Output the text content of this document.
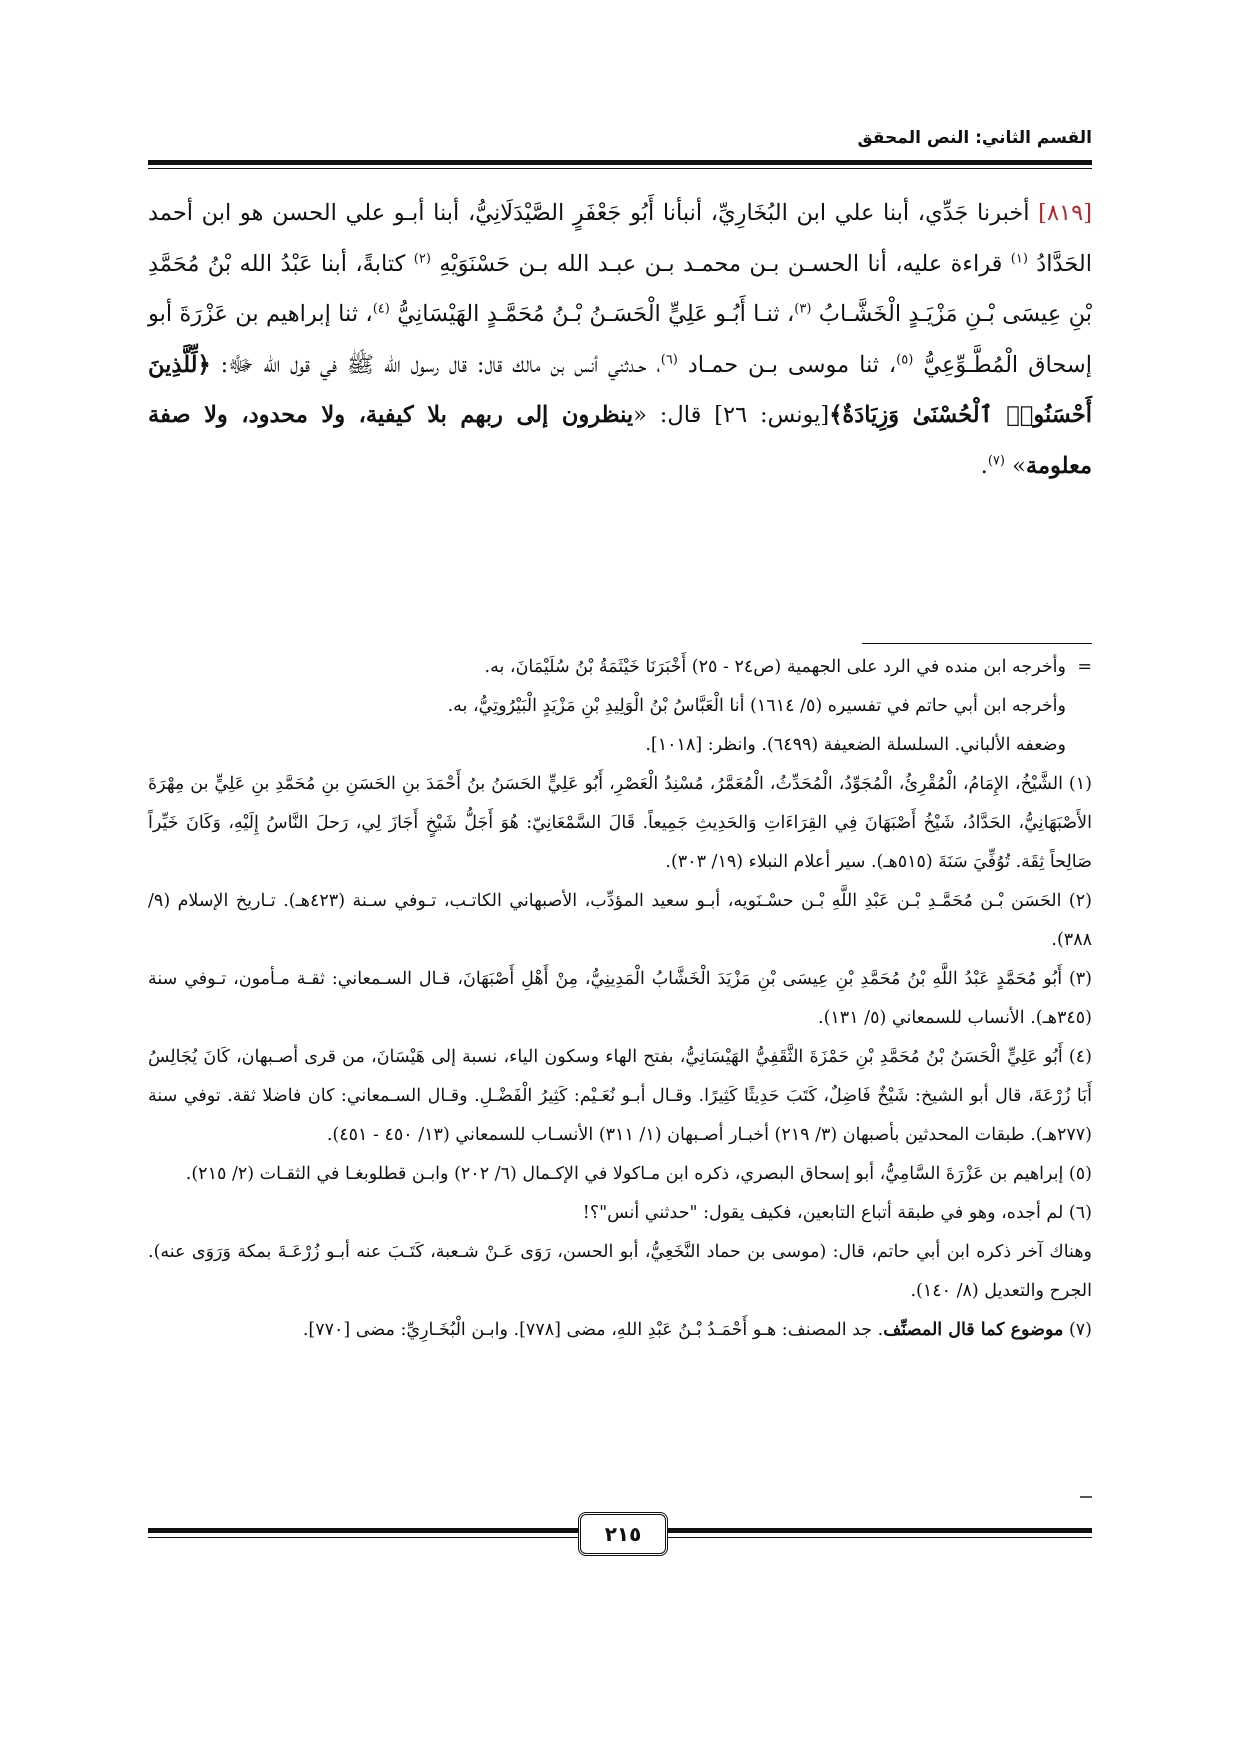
القسم الثاني: النص المحقق
[٨١٩] أخبرنا جَدِّي، أبنا علي ابن البُخَارِيِّ، أنبأنا أَبُو جَعْفَرٍ الصَّيْدَلَانِيُّ، أبنا أبـو علي الحسن هو ابن أحمد الحَدَّادُ $^{(١)}$ قراءة عليه، أنا الحسـن بـن محمـد بـن عبـد الله بـن حَسْنَوَيْهِ $^{(٢)}$ كتابةً، أبنا عَبْدُ الله بْنُ مُحَمَّدِ بْنِ عِيسَى بْـنِ مَزْيَـدٍ الْخَشَّـابُ $^{(٣)}$، ثنـا أَبُـو عَلِيٍّ الْحَسَـنُ بْـنُ مُحَمَّـدٍ الهَيْسَانِيُّ $^{(٤)}$، ثنا إبراهيم بن عَزْرَةَ أبو إسحاق الْمُطَّـوِّعِيُّ $^{(٥)}$، ثنا موسى بـن حمـاد $^{(٦)}$، حـدثني أنس بن مالك قال: قال رسول الله ﷺ في قول الله ﷻ: ﴿لِّلَّذِينَ أَحْسَنُوا۟ ٱلْحُسْنَىٰ وَزِيَادَةٌ﴾[يونس: ٢٦] قال: «ينظرون إلى ربهم بلا كيفية، ولا محدود، ولا صفة معلومة» $^{(٧)}$.

=وأخرجه ابن منده في الرد على الجهمية (ص٢٤ - ٢٥) أَخْبَرَنَا خَيْثَمَةُ بْنُ سُلَيْمَانَ، به.

وأخرجه ابن أبي حاتم في تفسيره (٥/ ١٦١٤) أنا الْعَبَّاسُ بْنُ الْوَلِيدِ بْنِ مَزْيَدٍ الْبَيْرُوتِيُّ، به.

وضعفه الألباني. السلسلة الضعيفة (٦٤٩٩). وانظر: [١٠١٨].

(١) الشَّيْخُ، الإِمَامُ، الْمُقْرِئُ، الْمُجَوِّدُ، الْمُحَدِّثُ، الْمُعَمَّرُ، مُسْنِدُ الْعَصْرِ، أَبُو عَلِيٍّ الحَسَنُ بنُ أَحْمَدَ بنِ الحَسَنِ بنِ مُحَمَّدِ بنِ عَلِيٍّ بن مِهْرَةَ الأَصْبَهَانِيُّ، الحَدَّادُ، شَيْخُ أَصْبَهَانَ فِي القِرَاءَاتِ وَالحَدِيثِ جَمِيعاً. قَالَ السَّمْعَانِيّ: هُوَ أَجَلُّ شَيْخٍ أَجَازَ لِي، رَحلَ النَّاسُ إِلَيْهِ، وَكَانَ خَيِّراً صَالِحاً ثِقَة. تُوُفِّيَ سَنَةَ (٥١٥هـ). سير أعلام النبلاء (١٩/ ٣٠٣).

(٢) الحَسَن بْـن مُحَمَّـدِ بْـن عَبْدِ اللَّهِ بْـن حسْـنَويه، أبـو سعيد المؤدِّب، الأصبهاني الكاتـب، تـوفي سـنة (٤٢٣هـ). تـاريخ الإسلام (٩/ ٣٨٨).

(٣) أَبُو مُحَمَّدٍ عَبْدُ اللَّهِ بْنُ مُحَمَّدِ بْنِ عِيسَى بْنِ مَزْيَدَ الْخَشَّابُ الْمَدِينِيُّ، مِنْ أَهْلِ أَصْبَهَانَ، قـال السـمعاني: ثقـة مـأمون، تـوفي سنة (٣٤٥هـ). الأنساب للسمعاني (٥/ ١٣١).

(٤) أَبُو عَلِيٍّ الْحَسَنُ بْنُ مُحَمَّدِ بْنِ حَمْزَةَ الثَّقَفِيُّ الهَيْسَانِيُّ، بفتح الهاء وسكون الياء، نسبة إلى هَيْسَانَ، من قرى أصـبهان، كَانَ يُجَالِسُ أَبَا زُرْعَةَ، قال أبو الشيخ: شَيْخٌ فَاضِلٌ، كَتَبَ حَدِيثًا كَثِيرًا. وقـال أبـو نُعَـيْم: كَثِيرُ الْفَضْـلِ. وقـال السـمعاني: كان فاضلا ثقة. توفي سنة (٢٧٧هـ). طبقات المحدثين بأصبهان (٣/ ٢١٩) أخبـار أصـبهان (١/ ٣١١) الأنسـاب للسمعاني (١٣/ ٤٥٠ - ٤٥١).

(٥) إبراهيم بن عَزْرَةَ السَّامِيُّ، أبو إسحاق البصري، ذكره ابن مـاكولا في الإكـمال (٦/ ٢٠٢) وابـن قطلوبغـا في الثقـات (٢/ ٢١٥).

(٦) لم أجده، وهو في طبقة أتباع التابعين، فكيف يقول: "حدثني أنس"؟!

وهناك آخر ذكره ابن أبي حاتم، قال: (موسى بن حماد النَّخَعِيُّ، أبو الحسن، رَوَى عَـنْ شـعبة، كَتَـبَ عنه أبـو زُرْعَـةَ بمكة وَرَوَى عنه). الجرح والتعديل (٨/ ١٤٠).

(٧) موضوع كما قال المصنِّف. جد المصنف: هـو أَحْمَـدُ بْـنُ عَبْدِ اللهِ، مضى [٧٧٨]. وابـن الْبُخَـارِيِّ: مضى [٧٧٠].

٢١٥
